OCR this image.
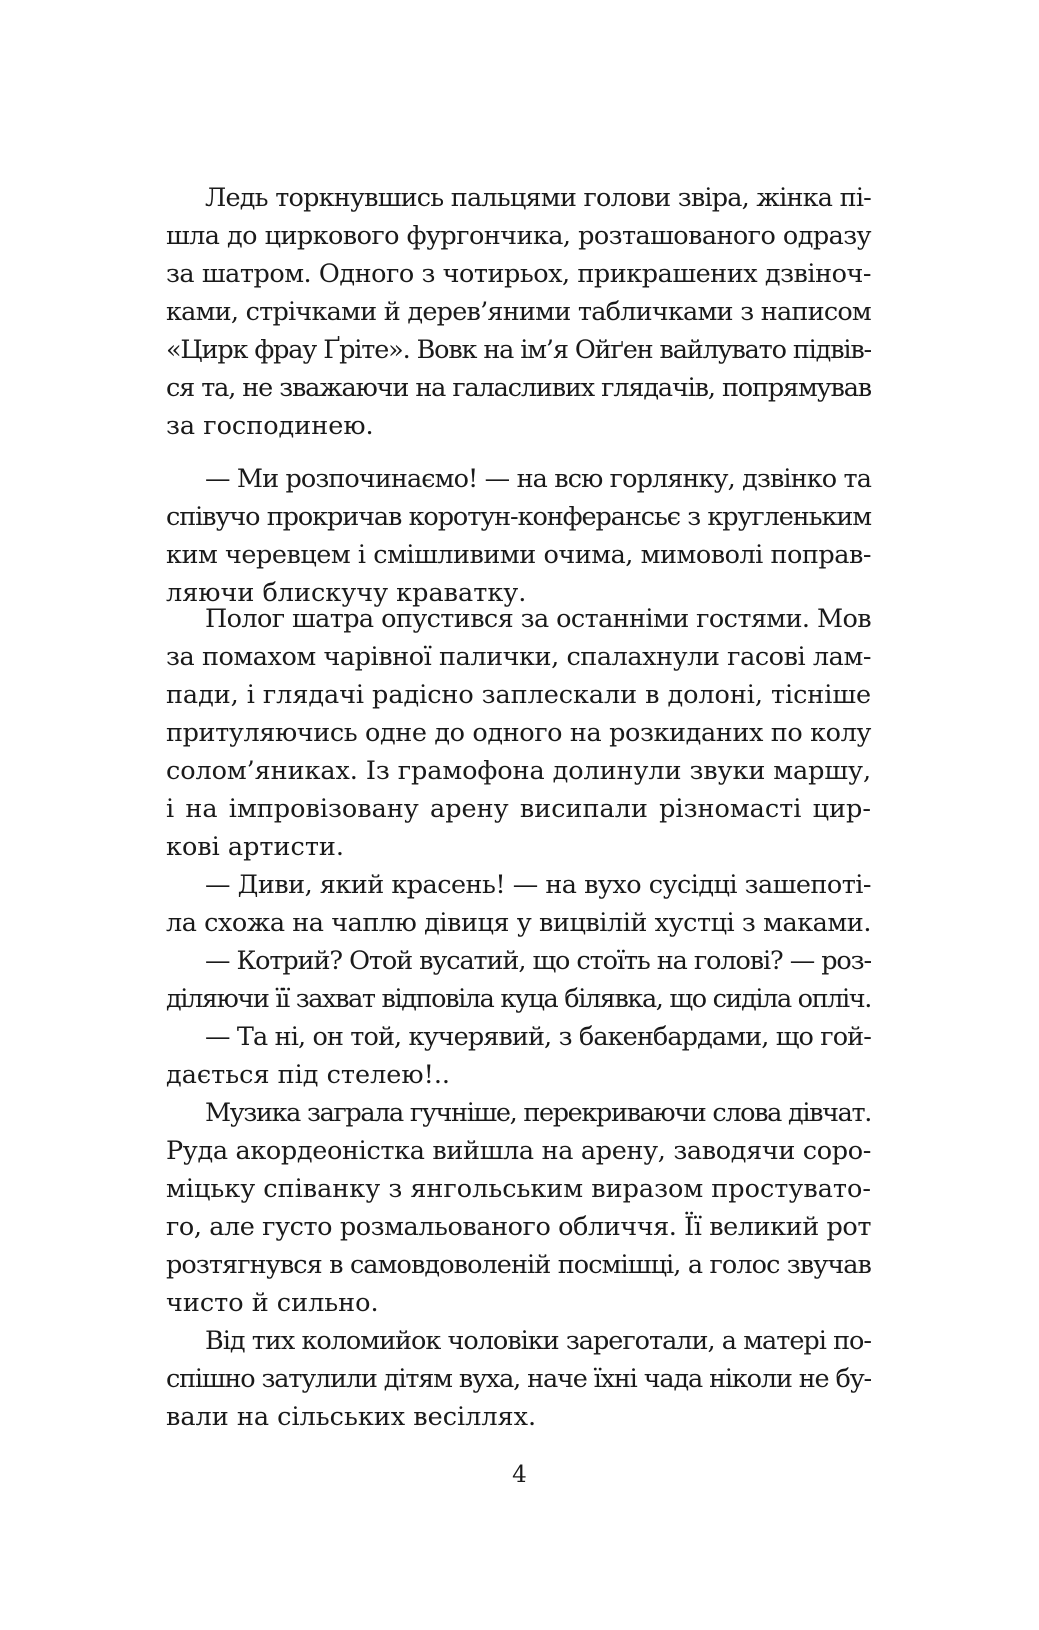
Ледь торкнувшись пальцями голови звіра, жінка пі-
шла до циркового фургончика, розташованого одразу
за шатром. Одного з чотирьох, прикрашених дзвіноч-
ками, стрічками й дерев’яними табличками з написом
«Цирк фрау Ґріте». Вовк на ім’я Ойґен вайлувато підвів-
ся та, не зважаючи на галасливих глядачів, попрямував
за господинею.
— Ми розпочинаємо! — на всю горлянку, дзвінко та
співучо прокричав коротун-конферансьє з кругленьким
ким черевцем і смішливими очима, мимоволі поправ-
ляючи блискучу краватку.
Полог шатра опустився за останніми гостями. Мов
за помахом чарівної палички, спалахнули гасові лам-
пади, і глядачі радісно заплескали в долоні, тісніше
притуляючись одне до одного на розкиданих по колу
солом’яниках. Із грамофона долинули звуки маршу,
і на імпровізовану арену висипали різномасті цир-
кові артисти.
— Диви, який красень! — на вухо сусідці зашепоті-
ла схожа на чаплю дівиця у вицвілій хустці з маками.
— Котрий? Отой вусатий, що стоїть на голові? — роз-
діляючи її захват відповіла куца білявка, що сиділа опліч.
— Та ні, он той, кучерявий, з бакенбардами, що гой-
дається під стелею!..
Музика заграла гучніше, перекриваючи слова дівчат.
Руда акордеоністка вийшла на арену, заводячи соро-
міцьку співанку з янгольським виразом простувато-
го, але густо розмальованого обличчя. Її великий рот
розтягнувся в самовдоволеній посмішці, а голос звучав
чисто й сильно.
Від тих коломийок чоловіки зареготали, а матері по-
спішно затулили дітям вуха, наче їхні чада ніколи не бу-
вали на сільських весіллях.
4
